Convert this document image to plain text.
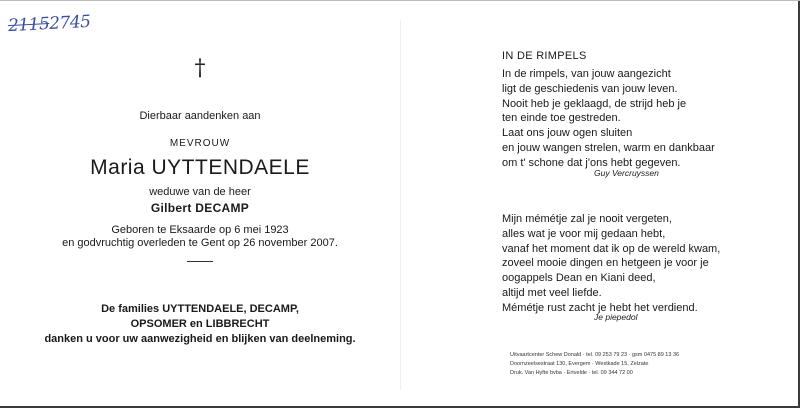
21152745
†
Dierbaar aandenken aan
MEVROUW
Maria UYTTENDAELE
weduwe van de heer
Gilbert DECAMP
Geboren te Eksaarde op 6 mei 1923
en godvruchtig overleden te Gent op 26 november 2007.
De families UYTTENDAELE, DECAMP,
OPSOMER en LIBBRECHT
danken u voor uw aanwezigheid en blijken van deelneming.
IN DE RIMPELS
In de rimpels, van jouw aangezicht
ligt de geschiedenis van jouw leven.
Nooit heb je geklaagd, de strijd heb je
ten einde toe gestreden.
Laat ons jouw ogen sluiten
en jouw wangen strelen, warm en dankbaar
om t' schone dat j'ons hebt gegeven.
Guy Vercruyssen
Mijn mémétje zal je nooit vergeten,
alles wat je voor mij gedaan hebt,
vanaf het moment dat ik op de wereld kwam,
zoveel mooie dingen en hetgeen je voor je
oogappels Dean en Kiani deed,
altijd met veel liefde.
Mémétje rust zacht je hebt het verdiend.
Je piepedol
Uitvaartcenter Schew Donald · tel. 09 253 79 23 · gsm 0475 89 13 36
Doornzeelsestraat 130, Evergem · Westkade 15, Zelzate
Druk. Van Hyfte bvba · Ertvelde · tel. 09 344 72 00
